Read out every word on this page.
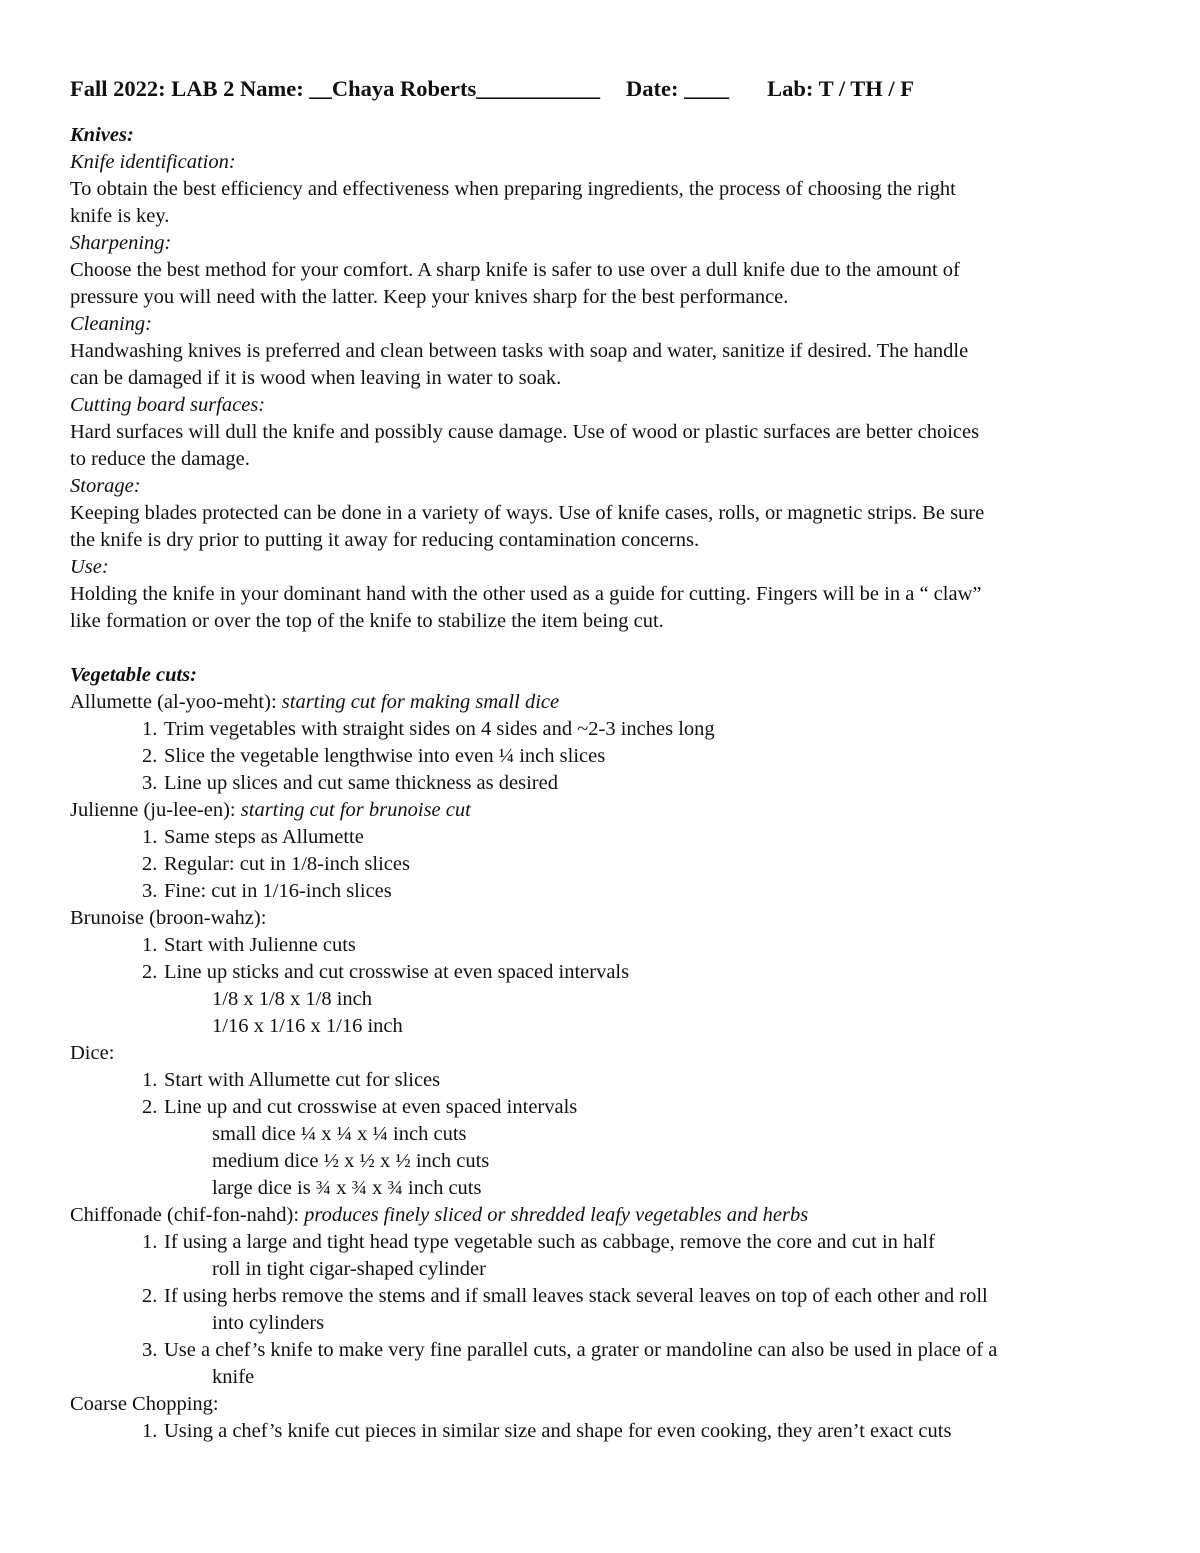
Fall 2022: LAB 2 Name: __Chaya Roberts___________ Date: ____ Lab: T / TH / F
Knives:
Knife identification:
To obtain the best efficiency and effectiveness when preparing ingredients, the process of choosing the right
knife is key.
Sharpening:
Choose the best method for your comfort. A sharp knife is safer to use over a dull knife due to the amount of
pressure you will need with the latter. Keep your knives sharp for the best performance.
Cleaning:
Handwashing knives is preferred and clean between tasks with soap and water, sanitize if desired. The handle
can be damaged if it is wood when leaving in water to soak.
Cutting board surfaces:
Hard surfaces will dull the knife and possibly cause damage. Use of wood or plastic surfaces are better choices
to reduce the damage.
Storage:
Keeping blades protected can be done in a variety of ways. Use of knife cases, rolls, or magnetic strips. Be sure
the knife is dry prior to putting it away for reducing contamination concerns.
Use:
Holding the knife in your dominant hand with the other used as a guide for cutting. Fingers will be in a “ claw”
like formation or over the top of the knife to stabilize the item being cut.
Vegetable cuts:
Allumette (al-yoo-meht): starting cut for making small dice
1. Trim vegetables with straight sides on 4 sides and ~2-3 inches long
2. Slice the vegetable lengthwise into even ¼ inch slices
3. Line up slices and cut same thickness as desired
Julienne (ju-lee-en): starting cut for brunoise cut
1. Same steps as Allumette
2. Regular: cut in 1/8-inch slices
3. Fine: cut in 1/16-inch slices
Brunoise (broon-wahz):
1. Start with Julienne cuts
2. Line up sticks and cut crosswise at even spaced intervals
1/8 x 1/8 x 1/8 inch
1/16 x 1/16 x 1/16 inch
Dice:
1. Start with Allumette cut for slices
2. Line up and cut crosswise at even spaced intervals
small dice ¼ x ¼ x ¼ inch cuts
medium dice ½ x ½ x ½ inch cuts
large dice is ¾ x ¾ x ¾ inch cuts
Chiffonade (chif-fon-nahd): produces finely sliced or shredded leafy vegetables and herbs
1. If using a large and tight head type vegetable such as cabbage, remove the core and cut in half
roll in tight cigar-shaped cylinder
2. If using herbs remove the stems and if small leaves stack several leaves on top of each other and roll
into cylinders
3. Use a chef’s knife to make very fine parallel cuts, a grater or mandoline can also be used in place of a
knife
Coarse Chopping:
1. Using a chef’s knife cut pieces in similar size and shape for even cooking, they aren’t exact cuts
